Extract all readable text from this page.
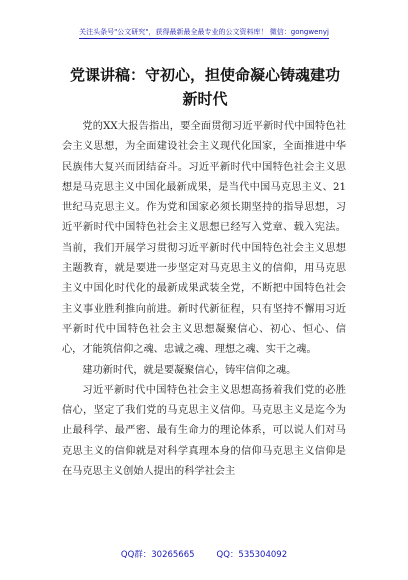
关注头条号"公文研究"，获得最新最全最专业的公文资料库！ 微信：gongwenyj
党课讲稿：守初心，担使命凝心铸魂建功
新时代

党的XX大报告指出，要全面贯彻习近平新时代中国特色社会主义思想，为全面建设社会主义现代化国家，全面推进中华民族伟大复兴而团结奋斗。习近平新时代中国特色社会主义思想是马克思主义中国化最新成果，是当代中国马克思主义、21世纪马克思主义。作为党和国家必须长期坚持的指导思想，习近平新时代中国特色社会主义思想已经写入党章、载入宪法。当前，我们开展学习贯彻习近平新时代中国特色社会主义思想主题教育，就是要进一步坚定对马克思主义的信仰，用马克思主义中国化时代化的最新成果武装全党，不断把中国特色社会主义事业胜利推向前进。新时代新征程，只有坚持不懈用习近平新时代中国特色社会主义思想凝聚信心、初心、恒心、信心，才能筑信仰之魂、忠诚之魂、理想之魂、实干之魂。

建功新时代，就是要凝聚信心，铸牢信仰之魂。

习近平新时代中国特色社会主义思想高扬着我们党的必胜信心，坚定了我们党的马克思主义信仰。马克思主义是迄今为止最科学、最严密、最有生命力的理论体系，可以说人们对马克思主义的信仰就是对科学真理本身的信仰马克思主义信仰是在马克思主义创始人提出的科学社会主

QQ群：30265665	QQ：535304092
